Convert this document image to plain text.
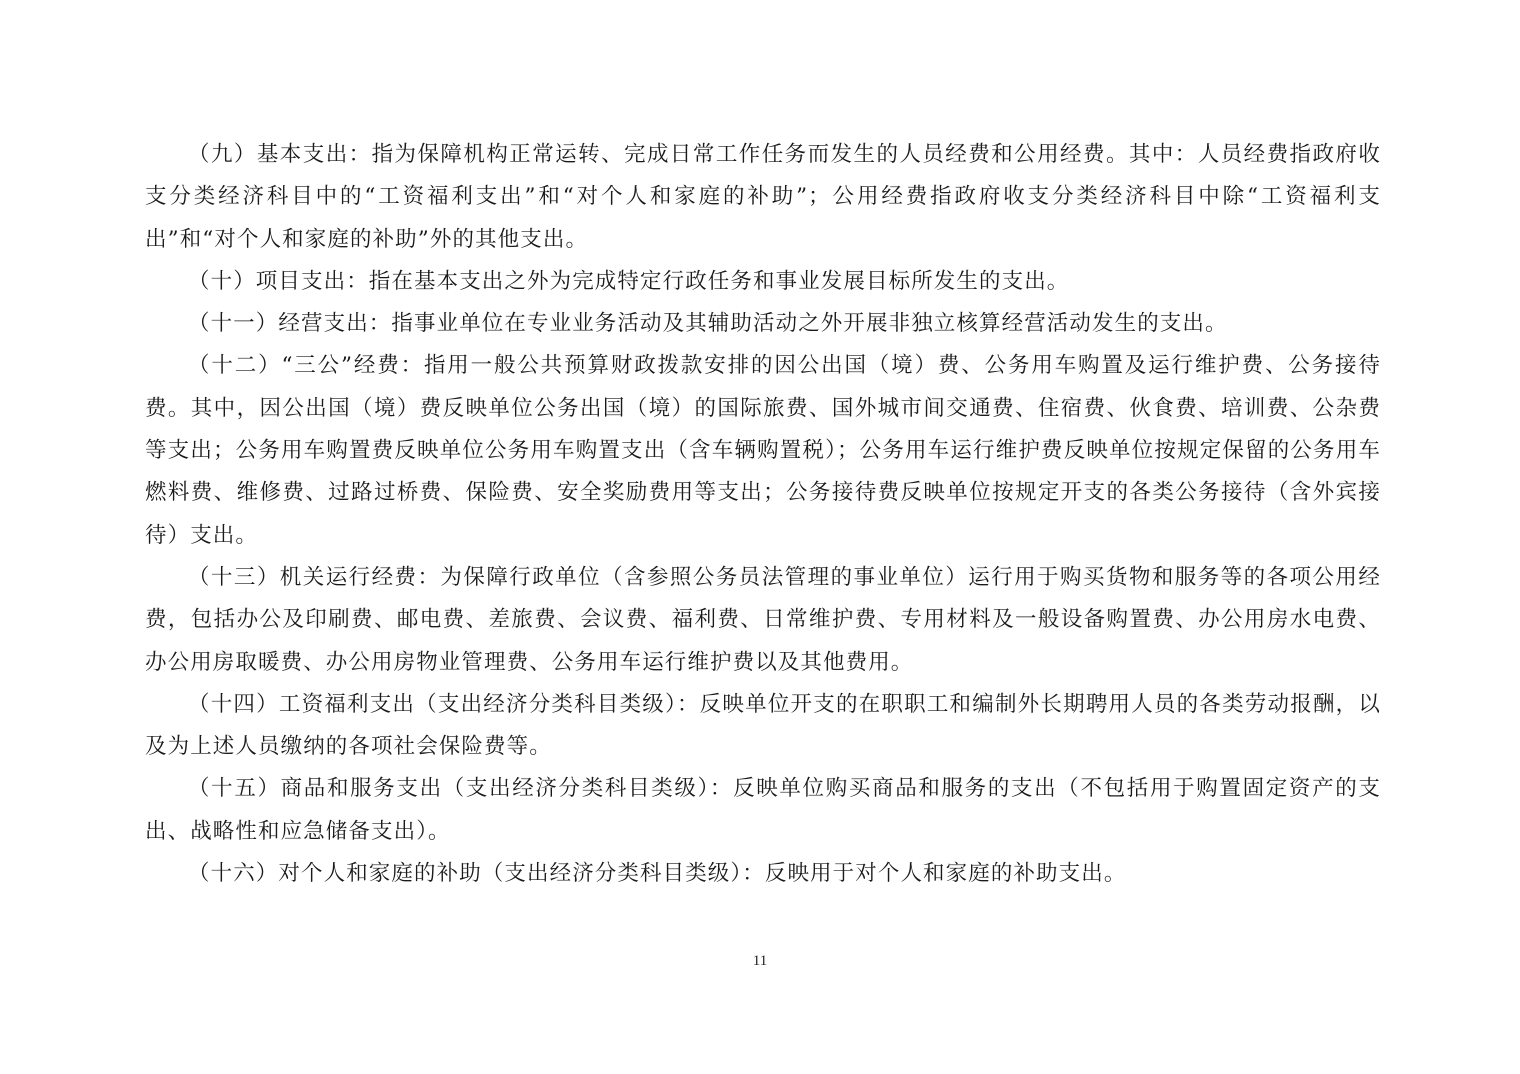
（九）基本支出：指为保障机构正常运转、完成日常工作任务而发生的人员经费和公用经费。其中：人员经费指政府收支分类经济科目中的“工资福利支出”和“对个人和家庭的补助”；公用经费指政府收支分类经济科目中除“工资福利支出”和“对个人和家庭的补助”外的其他支出。

（十）项目支出：指在基本支出之外为完成特定行政任务和事业发展目标所发生的支出。

（十一）经营支出：指事业单位在专业业务活动及其辅助活动之外开展非独立核算经营活动发生的支出。

（十二）“三公”经费：指用一般公共预算财政拨款安排的因公出国（境）费、公务用车购置及运行维护费、公务接待费。其中，因公出国（境）费反映单位公务出国（境）的国际旅费、国外城市间交通费、住宿费、伙食费、培训费、公杂费等支出；公务用车购置费反映单位公务用车购置支出（含车辆购置税）；公务用车运行维护费反映单位按规定保留的公务用车燃料费、维修费、过路过桥费、保险费、安全奖励费用等支出；公务接待费反映单位按规定开支的各类公务接待（含外宾接待）支出。

（十三）机关运行经费：为保障行政单位（含参照公务员法管理的事业单位）运行用于购买货物和服务等的各项公用经费，包括办公及印刷费、邮电费、差旅费、会议费、福利费、日常维护费、专用材料及一般设备购置费、办公用房水电费、办公用房取暖费、办公用房物业管理费、公务用车运行维护费以及其他费用。

（十四）工资福利支出（支出经济分类科目类级）：反映单位开支的在职职工和编制外长期聘用人员的各类劳动报酬，以及为上述人员缴纳的各项社会保险费等。

（十五）商品和服务支出（支出经济分类科目类级）：反映单位购买商品和服务的支出（不包括用于购置固定资产的支出、战略性和应急储备支出）。

（十六）对个人和家庭的补助（支出经济分类科目类级）：反映用于对个人和家庭的补助支出。

11
